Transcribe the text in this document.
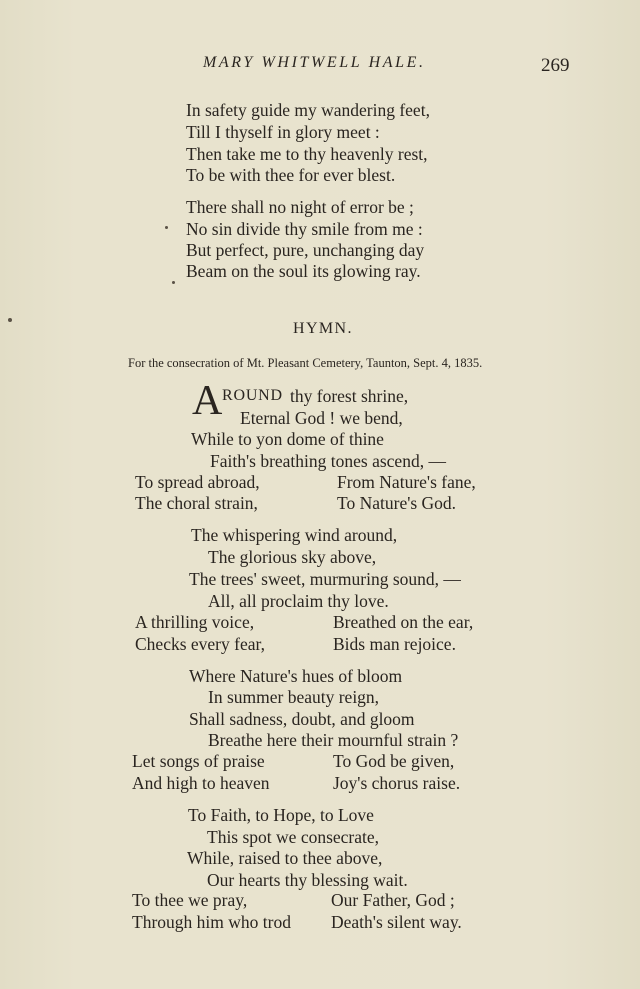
MARY WHITWELL HALE.	269
In safety guide my wandering feet,
Till I thyself in glory meet :
Then take me to thy heavenly rest,
To be with thee for ever blest.
There shall no night of error be ;
No sin divide thy smile from me :
But perfect, pure, unchanging day
Beam on the soul its glowing ray.
HYMN.
For the consecration of Mt. Pleasant Cemetery, Taunton, Sept. 4, 1835.
A ROUND thy forest shrine,
Eternal God ! we bend,
While to yon dome of thine
Faith's breathing tones ascend, —
To spread abroad,
The choral strain,
From Nature's fane,
To Nature's God.
The whispering wind around,
The glorious sky above,
The trees' sweet, murmuring sound, —
All, all proclaim thy love.
A thrilling voice,
Checks every fear,
Breathed on the ear,
Bids man rejoice.
Where Nature's hues of bloom
In summer beauty reign,
Shall sadness, doubt, and gloom
Breathe here their mournful strain ?
Let songs of praise
And high to heaven
To God be given,
Joy's chorus raise.
To Faith, to Hope, to Love
This spot we consecrate,
While, raised to thee above,
Our hearts thy blessing wait.
To thee we pray,
Through him who trod
Our Father, God ;
Death's silent way.
